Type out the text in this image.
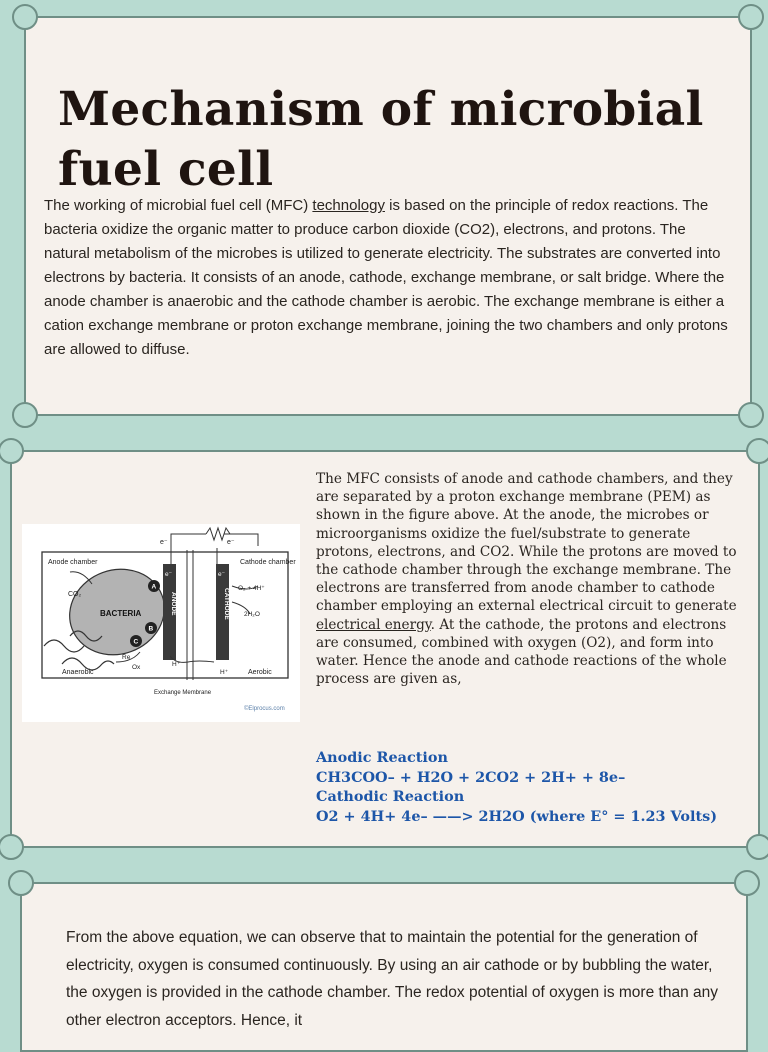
Mechanism of microbial fuel cell

The working of microbial fuel cell (MFC) technology is based on the principle of redox reactions. The bacteria oxidize the organic matter to produce carbon dioxide (CO2), electrons, and protons. The natural metabolism of the microbes is utilized to generate electricity. The substrates are converted into electrons by bacteria. It consists of an anode, cathode, exchange membrane, or salt bridge. Where the anode chamber is anaerobic and the cathode chamber is aerobic. The exchange membrane is either a cation exchange membrane or proton exchange membrane, joining the two chambers and only protons are allowed to diffuse.

Anode chamber	Cathode chamber
BACTERIA
CO₂
O₂ + 4H⁺
2H₂O
e⁻	e⁻
e⁻	e⁻
H⁺
H⁺
Re
Ox
Anaerobic	Aerobic
Exchange Membrane
©Elprocus.com
A
B
C
ANODE	CATHODE

The MFC consists of anode and cathode chambers, and they are separated by a proton exchange membrane (PEM) as shown in the figure above. At the anode, the microbes or microorganisms oxidize the fuel/substrate to generate protons, electrons, and CO2. While the protons are moved to the cathode chamber through the exchange membrane. The electrons are transferred from anode chamber to cathode chamber employing an external electrical circuit to generate electrical energy. At the cathode, the protons and electrons are consumed, combined with oxygen (O2), and form into water. Hence the anode and cathode reactions of the whole process are given as,

Anodic Reaction
CH3COO– + H2O + 2CO2 + 2H+ + 8e–
Cathodic Reaction
O2 + 4H+ 4e– ——> 2H2O (where E° = 1.23 Volts)

From the above equation, we can observe that to maintain the potential for the generation of electricity, oxygen is consumed continuously. By using an air cathode or by bubbling the water, the oxygen is provided in the cathode chamber. The redox potential of oxygen is more than any other electron acceptors. Hence, it
